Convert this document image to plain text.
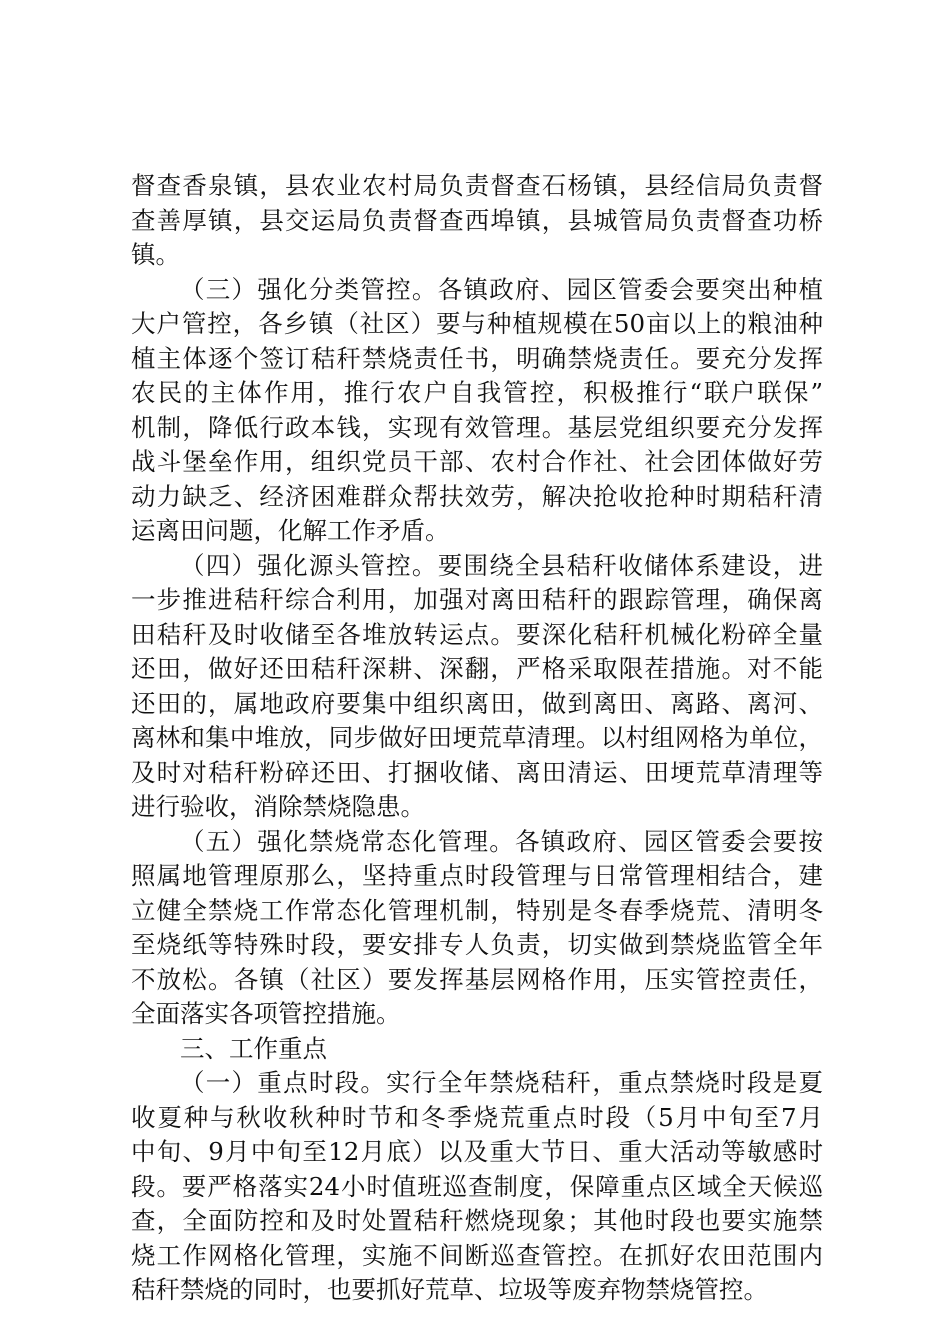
督查香泉镇，县农业农村局负责督查石杨镇，县经信局负责督
查善厚镇，县交运局负责督查西埠镇，县城管局负责督查功桥
镇。
（三）强化分类管控。各镇政府、园区管委会要突出种植
大户管控，各乡镇（社区）要与种植规模在50亩以上的粮油种
植主体逐个签订秸秆禁烧责任书，明确禁烧责任。要充分发挥
农民的主体作用，推行农户自我管控，积极推行“联户联保”
机制，降低行政本钱，实现有效管理。基层党组织要充分发挥
战斗堡垒作用，组织党员干部、农村合作社、社会团体做好劳
动力缺乏、经济困难群众帮扶效劳，解决抢收抢种时期秸秆清
运离田问题，化解工作矛盾。
（四）强化源头管控。要围绕全县秸秆收储体系建设，进
一步推进秸秆综合利用，加强对离田秸秆的跟踪管理，确保离
田秸秆及时收储至各堆放转运点。要深化秸秆机械化粉碎全量
还田，做好还田秸秆深耕、深翻，严格采取限茬措施。对不能
还田的，属地政府要集中组织离田，做到离田、离路、离河、
离林和集中堆放，同步做好田埂荒草清理。以村组网格为单位，
及时对秸秆粉碎还田、打捆收储、离田清运、田埂荒草清理等
进行验收，消除禁烧隐患。
（五）强化禁烧常态化管理。各镇政府、园区管委会要按
照属地管理原那么，坚持重点时段管理与日常管理相结合，建
立健全禁烧工作常态化管理机制，特别是冬春季烧荒、清明冬
至烧纸等特殊时段，要安排专人负责，切实做到禁烧监管全年
不放松。各镇（社区）要发挥基层网格作用，压实管控责任，
全面落实各项管控措施。
三、工作重点
（一）重点时段。实行全年禁烧秸秆，重点禁烧时段是夏
收夏种与秋收秋种时节和冬季烧荒重点时段（5月中旬至7月
中旬、9月中旬至12月底）以及重大节日、重大活动等敏感时
段。要严格落实24小时值班巡查制度，保障重点区域全天候巡
查，全面防控和及时处置秸秆燃烧现象；其他时段也要实施禁
烧工作网格化管理，实施不间断巡查管控。在抓好农田范围内
秸秆禁烧的同时，也要抓好荒草、垃圾等废弃物禁烧管控。
